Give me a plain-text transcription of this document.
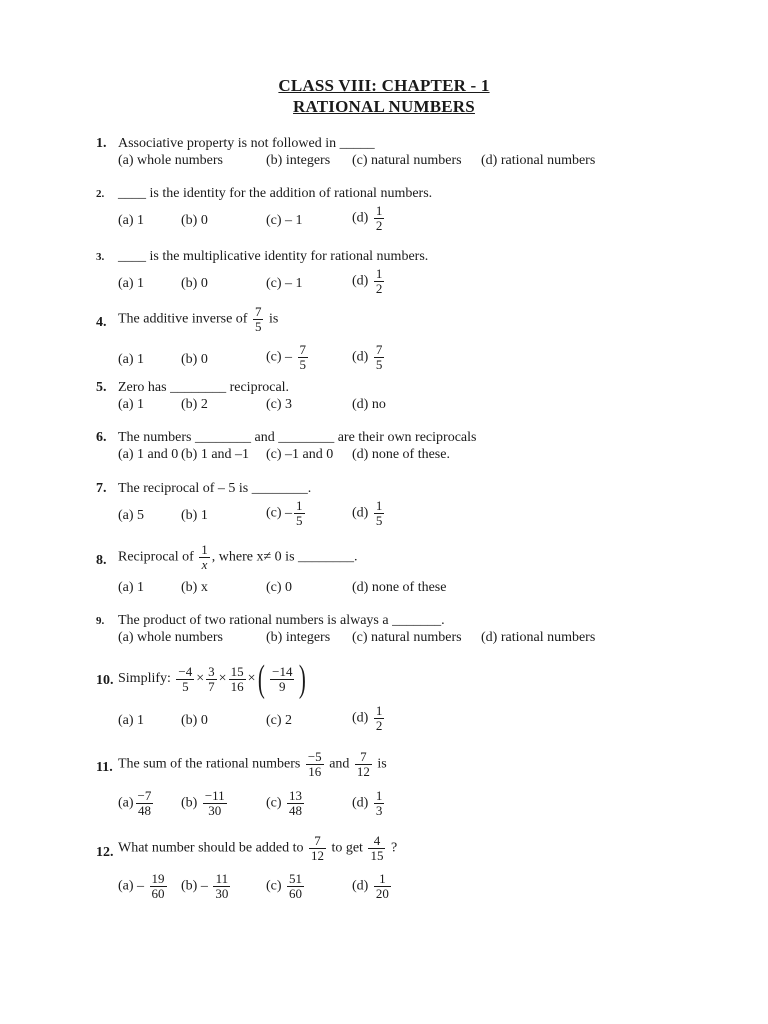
CLASS VIII: CHAPTER - 1
RATIONAL NUMBERS
1. Associative property is not followed in _____
(a) whole numbers	(b) integers (c) natural numbers (d) rational numbers
2. ____ is the identity for the addition of rational numbers.
(a) 1	(b) 0	(c) – 1	$(d) \frac{1}{2}$
3. ____ is the multiplicative identity for rational numbers.
(a) 1	(b) 0	(c) – 1	$(d) \frac{1}{2}$
4. The additive inverse of $\frac{7}{5}$ is
(a) 1	(b) 0	$(c) - \frac{7}{5}$	$(d) \frac{7}{5}$
5. Zero has ________ reciprocal.
(a) 1	(b) 2	(c) 3	(d) no
6. The numbers ________ and ________ are their own reciprocals
(a) 1 and 0 (b) 1 and –1 (c) –1 and 0 (d) none of these.
7. The reciprocal of – 5 is ________.
(a) 5	(b) 1	$(c) - \frac{1}{5}$	$(d) \frac{1}{5}$
8. Reciprocal of $\frac{1}{x}$ , where x≠ 0 is ________.
(a) 1	(b) x	(c) 0	(d) none of these
9. The product of two rational numbers is always a _______.
(a) whole numbers	(b) integers (c) natural numbers (d) rational numbers
10. Simplify: $\frac{-4}{5} \times \frac{3}{7} \times \frac{15}{16}$ ×( $\frac{-14}{9}$ )
(a) 1	(b) 0	(c) 2	$(d) \frac{1}{2}$
11. The sum of the rational numbers $\frac{-5}{16}$ and $\frac{7}{12}$ is
$(a) \frac{-7}{48} (b) \frac{-11}{30}$	$(c) \frac{13}{48}$	$(d) \frac{1}{3}$
12. What number should be added to $\frac{7}{12}$ to get $\frac{4}{15}$ ?
$(a) - \frac{19}{60} (b) - \frac{11}{30}$	$(c) \frac{51}{60}$	$(d) \frac{1}{20}$
